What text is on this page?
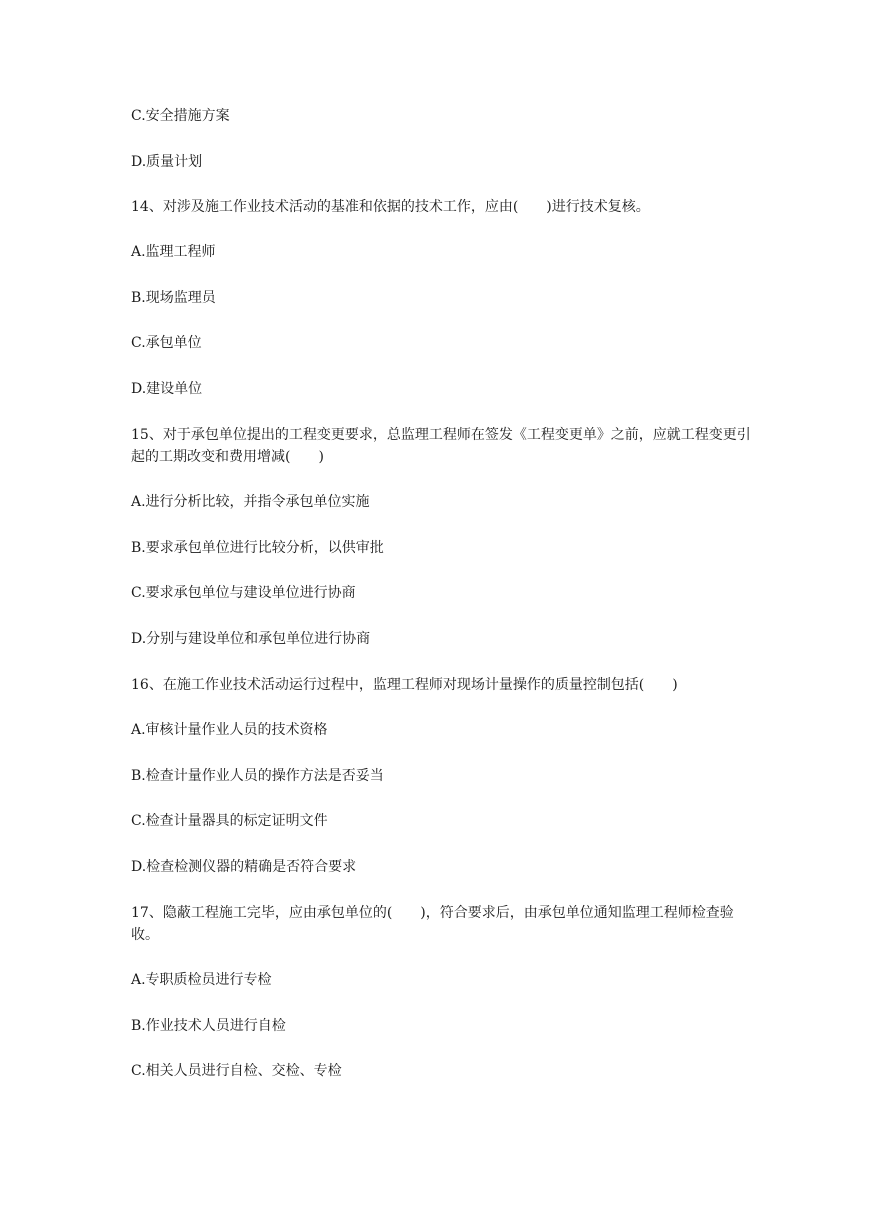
C.安全措施方案
D.质量计划
14、对涉及施工作业技术活动的基准和依据的技术工作，应由(　　)进行技术复核。
A.监理工程师
B.现场监理员
C.承包单位
D.建设单位
15、对于承包单位提出的工程变更要求，总监理工程师在签发《工程变更单》之前，应就工程变更引起的工期改变和费用增减(　　)
A.进行分析比较，并指令承包单位实施
B.要求承包单位进行比较分析，以供审批
C.要求承包单位与建设单位进行协商
D.分别与建设单位和承包单位进行协商
16、在施工作业技术活动运行过程中，监理工程师对现场计量操作的质量控制包括(　　)
A.审核计量作业人员的技术资格
B.检查计量作业人员的操作方法是否妥当
C.检查计量器具的标定证明文件
D.检查检测仪器的精确是否符合要求
17、隐蔽工程施工完毕，应由承包单位的(　　)，符合要求后，由承包单位通知监理工程师检查验收。
A.专职质检员进行专检
B.作业技术人员进行自检
C.相关人员进行自检、交检、专检
